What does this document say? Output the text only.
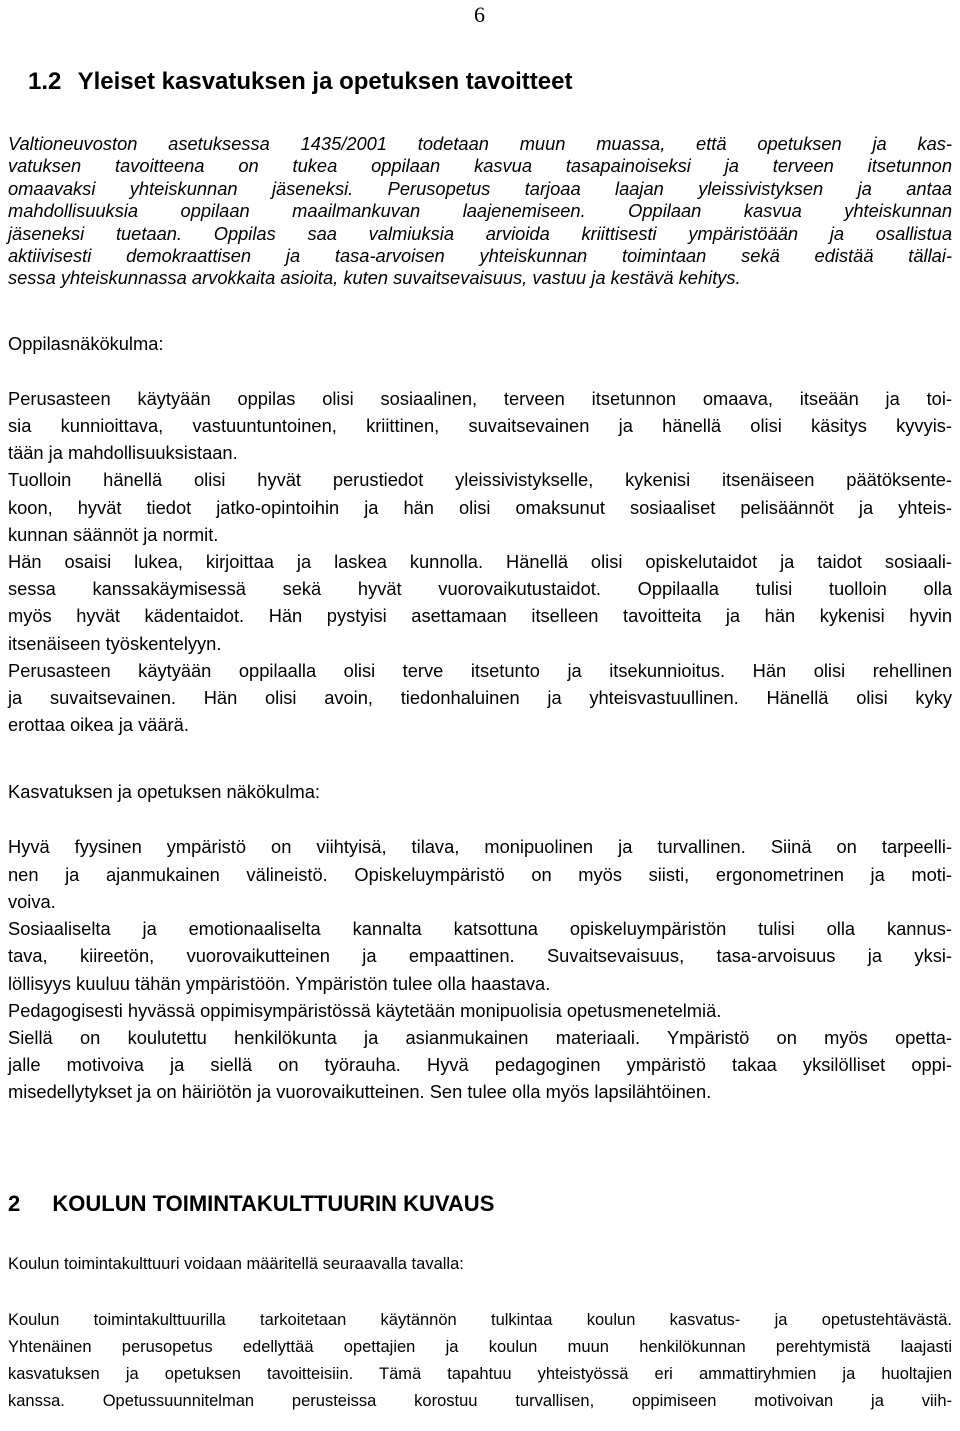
6
1.2 Yleiset kasvatuksen ja opetuksen tavoitteet
Valtioneuvoston asetuksessa 1435/2001 todetaan muun muassa, että opetuksen ja kas-
vatuksen tavoitteena on tukea oppilaan kasvua tasapainoiseksi ja terveen itsetunnon
omaavaksi yhteiskunnan jäseneksi. Perusopetus tarjoaa laajan yleissivistyksen ja antaa
mahdollisuuksia oppilaan maailmankuvan laajenemiseen. Oppilaan kasvua yhteiskunnan
jäseneksi tuetaan. Oppilas saa valmiuksia arvioida kriittisesti ympäristöään ja osallistua
aktiivisesti demokraattisen ja tasa-arvoisen yhteiskunnan toimintaan sekä edistää tällai-
sessa yhteiskunnassa arvokkaita asioita, kuten suvaitsevaisuus, vastuu ja kestävä kehitys.
Oppilasnäkökulma:
Perusasteen käytyään oppilas olisi sosiaalinen, terveen itsetunnon omaava, itseään ja toi-
sia kunnioittava, vastuuntuntoinen, kriittinen, suvaitsevainen ja hänellä olisi käsitys kyvyis-
tään ja mahdollisuuksistaan.
Tuolloin hänellä olisi hyvät perustiedot yleissivistykselle, kykenisi itsenäiseen päätöksente-
koon, hyvät tiedot jatko-opintoihin ja hän olisi omaksunut sosiaaliset pelisäännöt ja yhteis-
kunnan säännöt ja normit.
Hän osaisi lukea, kirjoittaa ja laskea kunnolla. Hänellä olisi opiskelutaidot ja taidot sosiaali-
sessa kanssakäymisessä sekä hyvät vuorovaikutustaidot. Oppilaalla tulisi tuolloin olla
myös hyvät kädentaidot. Hän pystyisi asettamaan itselleen tavoitteita ja hän kykenisi hyvin
itsenäiseen työskentelyyn.
Perusasteen käytyään oppilaalla olisi terve itsetunto ja itsekunnioitus. Hän olisi rehellinen
ja suvaitsevainen. Hän olisi avoin, tiedonhaluinen ja yhteisvastuullinen. Hänellä olisi kyky
erottaa oikea ja väärä.
Kasvatuksen ja opetuksen näkökulma:
Hyvä fyysinen ympäristö on viihtyisä, tilava, monipuolinen ja turvallinen. Siinä on tarpeelli-
nen ja ajanmukainen välineistö. Opiskeluympäristö on myös siisti, ergonometrinen ja moti-
voiva.
Sosiaaliselta ja emotionaaliselta kannalta katsottuna opiskeluympäristön tulisi olla kannus-
tava, kiireetön, vuorovaikutteinen ja empaattinen. Suvaitsevaisuus, tasa-arvoisuus ja yksi-
löllisyys kuuluu tähän ympäristöön. Ympäristön tulee olla haastava.
Pedagogisesti hyvässä oppimisympäristössä käytetään monipuolisia opetusmenetelmiä.
Siellä on koulutettu henkilökunta ja asianmukainen materiaali. Ympäristö on myös opetta-
jalle motivoiva ja siellä on työrauha. Hyvä pedagoginen ympäristö takaa yksilölliset oppi-
misedellytykset ja on häiriötön ja vuorovaikutteinen. Sen tulee olla myös lapsilähtöinen.
2 KOULUN TOIMINTAKULTTUURIN KUVAUS
Koulun toimintakulttuuri voidaan määritellä seuraavalla tavalla:
Koulun toimintakulttuurilla tarkoitetaan käytännön tulkintaa koulun kasvatus- ja opetustehtävästä.
Yhtenäinen perusopetus edellyttää opettajien ja koulun muun henkilökunnan perehtymistä laajasti
kasvatuksen ja opetuksen tavoitteisiin. Tämä tapahtuu yhteistyössä eri ammattiryhmien ja huoltajien
kanssa. Opetussuunnitelman perusteissa korostuu turvallisen, oppimiseen motivoivan ja viih-
